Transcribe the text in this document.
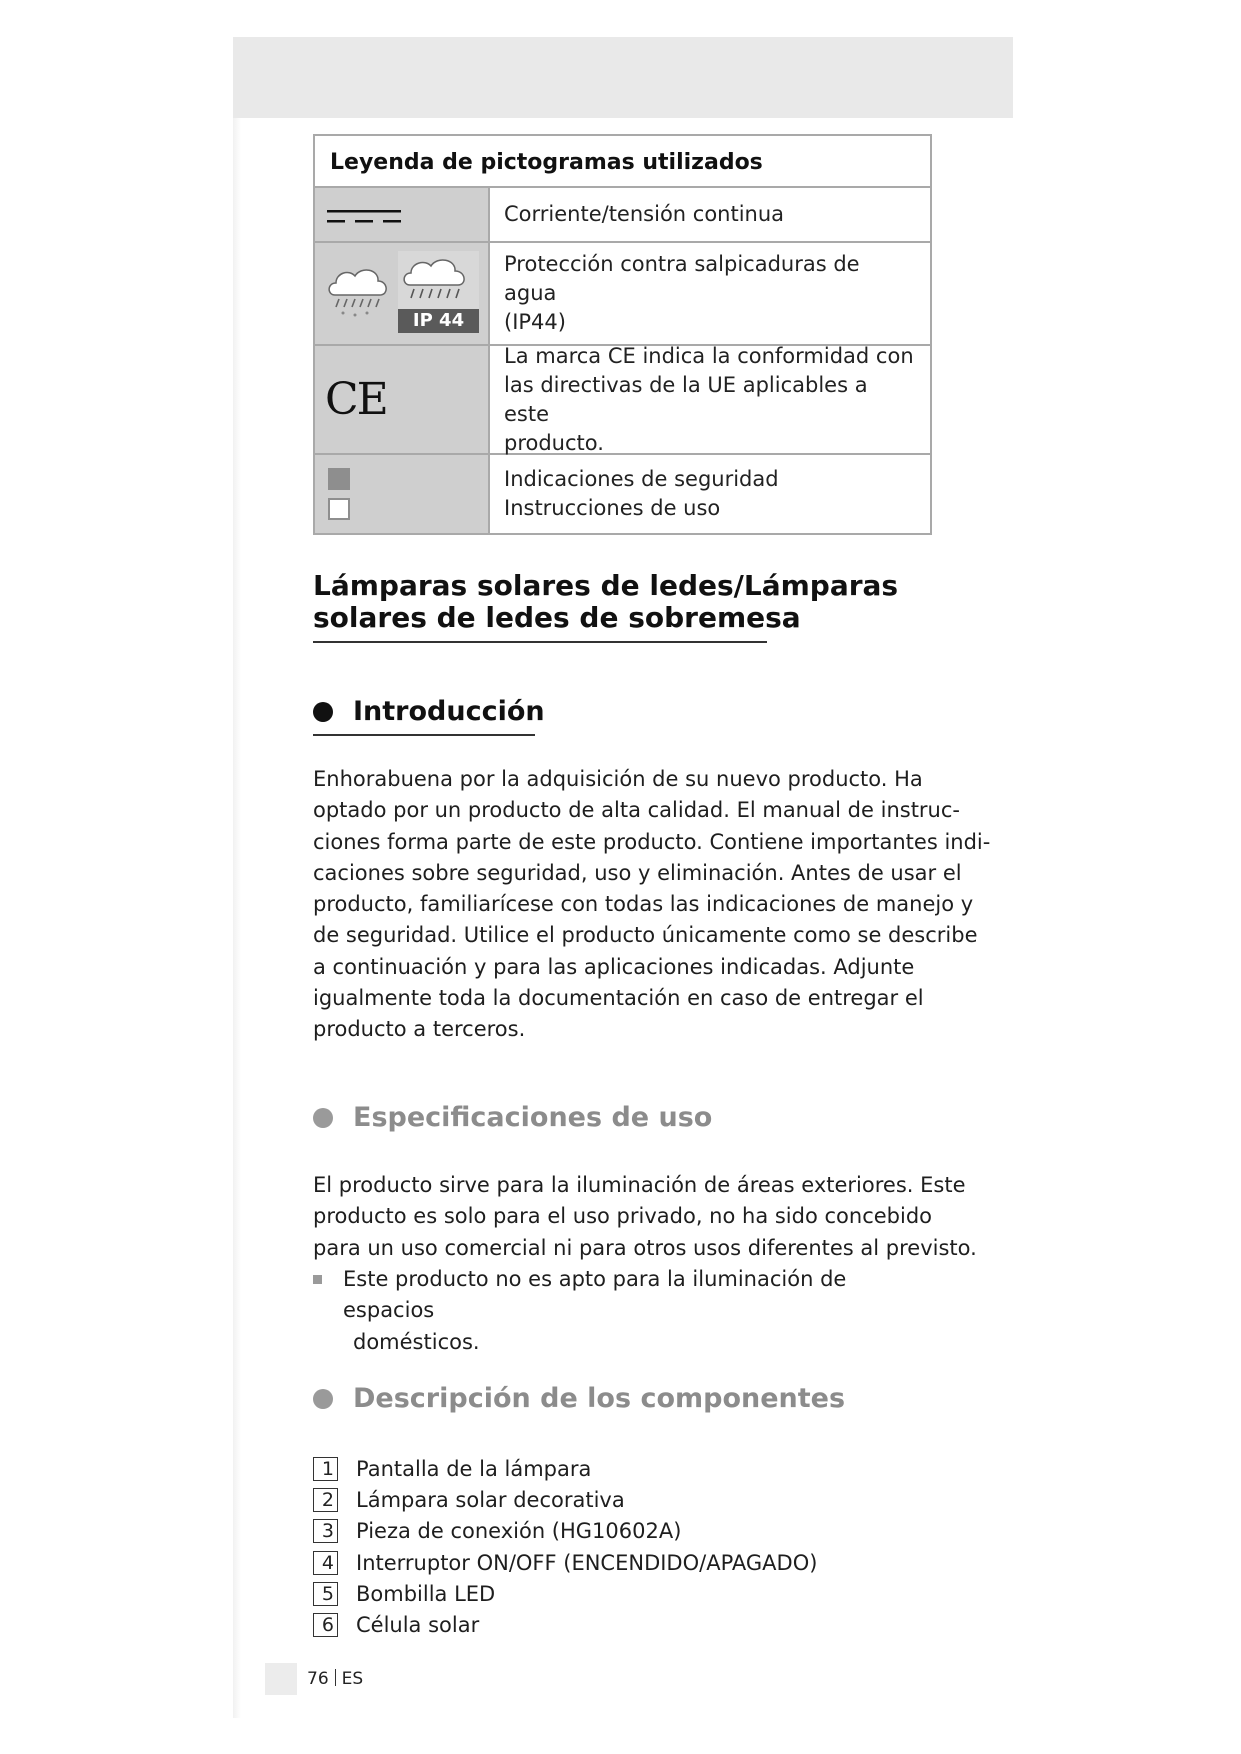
Leyenda de pictogramas utilizados
Corriente/tensión continua
IP 44
Protección contra salpicaduras de agua
(IP44)
CE
La marca CE indica la conformidad con
las directivas de la UE aplicables a este
producto.
Indicaciones de seguridad
Instrucciones de uso
Lámparas solares de ledes/Lámparas
solares de ledes de sobremesa
Introducción
Enhorabuena por la adquisición de su nuevo producto. Ha
optado por un producto de alta calidad. El manual de instruc-
ciones forma parte de este producto. Contiene importantes indi-
caciones sobre seguridad, uso y eliminación. Antes de usar el
producto, familiarícese con todas las indicaciones de manejo y
de seguridad. Utilice el producto únicamente como se describe
a continuación y para las aplicaciones indicadas. Adjunte
igualmente toda la documentación en caso de entregar el
producto a terceros.
Especificaciones de uso
El producto sirve para la iluminación de áreas exteriores. Este
producto es solo para el uso privado, no ha sido concebido
para un uso comercial ni para otros usos diferentes al previsto.
Este producto no es apto para la iluminación de espacios
domésticos.
Descripción de los componentes
1 Pantalla de la lámpara
2 Lámpara solar decorativa
3 Pieza de conexión (HG10602A)
4 Interruptor ON/OFF (ENCENDIDO/APAGADO)
5 Bombilla LED
6 Célula solar
76 ES
